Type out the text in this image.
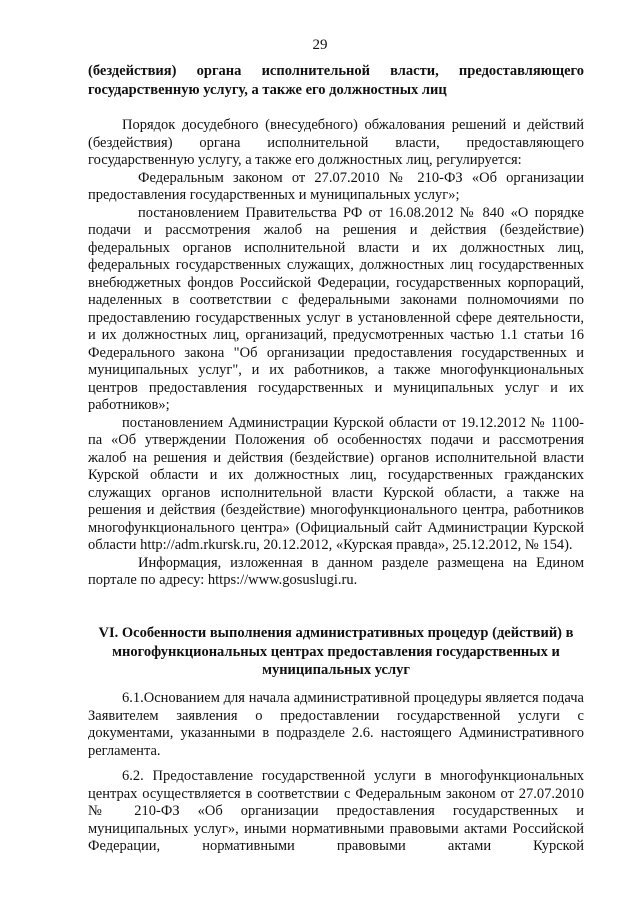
29
(бездействия) органа исполнительной власти, предоставляющего государственную услугу, а также его должностных лиц

Порядок досудебного (внесудебного) обжалования решений и действий (бездействия) органа исполнительной власти, предоставляющего государственную услугу, а также его должностных лиц, регулируется:

Федеральным законом от 27.07.2010 № 210-ФЗ «Об организации предоставления государственных и муниципальных услуг»;

постановлением Правительства РФ от 16.08.2012 № 840 «О порядке подачи и рассмотрения жалоб на решения и действия (бездействие) федеральных органов исполнительной власти и их должностных лиц, федеральных государственных служащих, должностных лиц государственных внебюджетных фондов Российской Федерации, государственных корпораций, наделенных в соответствии с федеральными законами полномочиями по предоставлению государственных услуг в установленной сфере деятельности, и их должностных лиц, организаций, предусмотренных частью 1.1 статьи 16 Федерального закона "Об организации предоставления государственных и муниципальных услуг", и их работников, а также многофункциональных центров предоставления государственных и муниципальных услуг и их работников»;

постановлением Администрации Курской области от 19.12.2012 № 1100-па «Об утверждении Положения об особенностях подачи и рассмотрения жалоб на решения и действия (бездействие) органов исполнительной власти Курской области и их должностных лиц, государственных гражданских служащих органов исполнительной власти Курской области, а также на решения и действия (бездействие) многофункционального центра, работников многофункционального центра» (Официальный сайт Администрации Курской области http://adm.rkursk.ru, 20.12.2012, «Курская правда», 25.12.2012, № 154).

Информация, изложенная в данном разделе размещена на Едином портале по адресу: https://www.gosuslugi.ru.

VI. Особенности выполнения административных процедур (действий) в многофункциональных центрах предоставления государственных и муниципальных услуг

6.1.Основанием для начала административной процедуры является подача Заявителем заявления о предоставлении государственной услуги с документами, указанными в подразделе 2.6. настоящего Административного регламента.

6.2. Предоставление государственной услуги в многофункциональных центрах осуществляется в соответствии с Федеральным законом от 27.07.2010 № 210-ФЗ «Об организации предоставления государственных и муниципальных услуг», иными нормативными правовыми актами Российской Федерации, нормативными правовыми актами Курской
